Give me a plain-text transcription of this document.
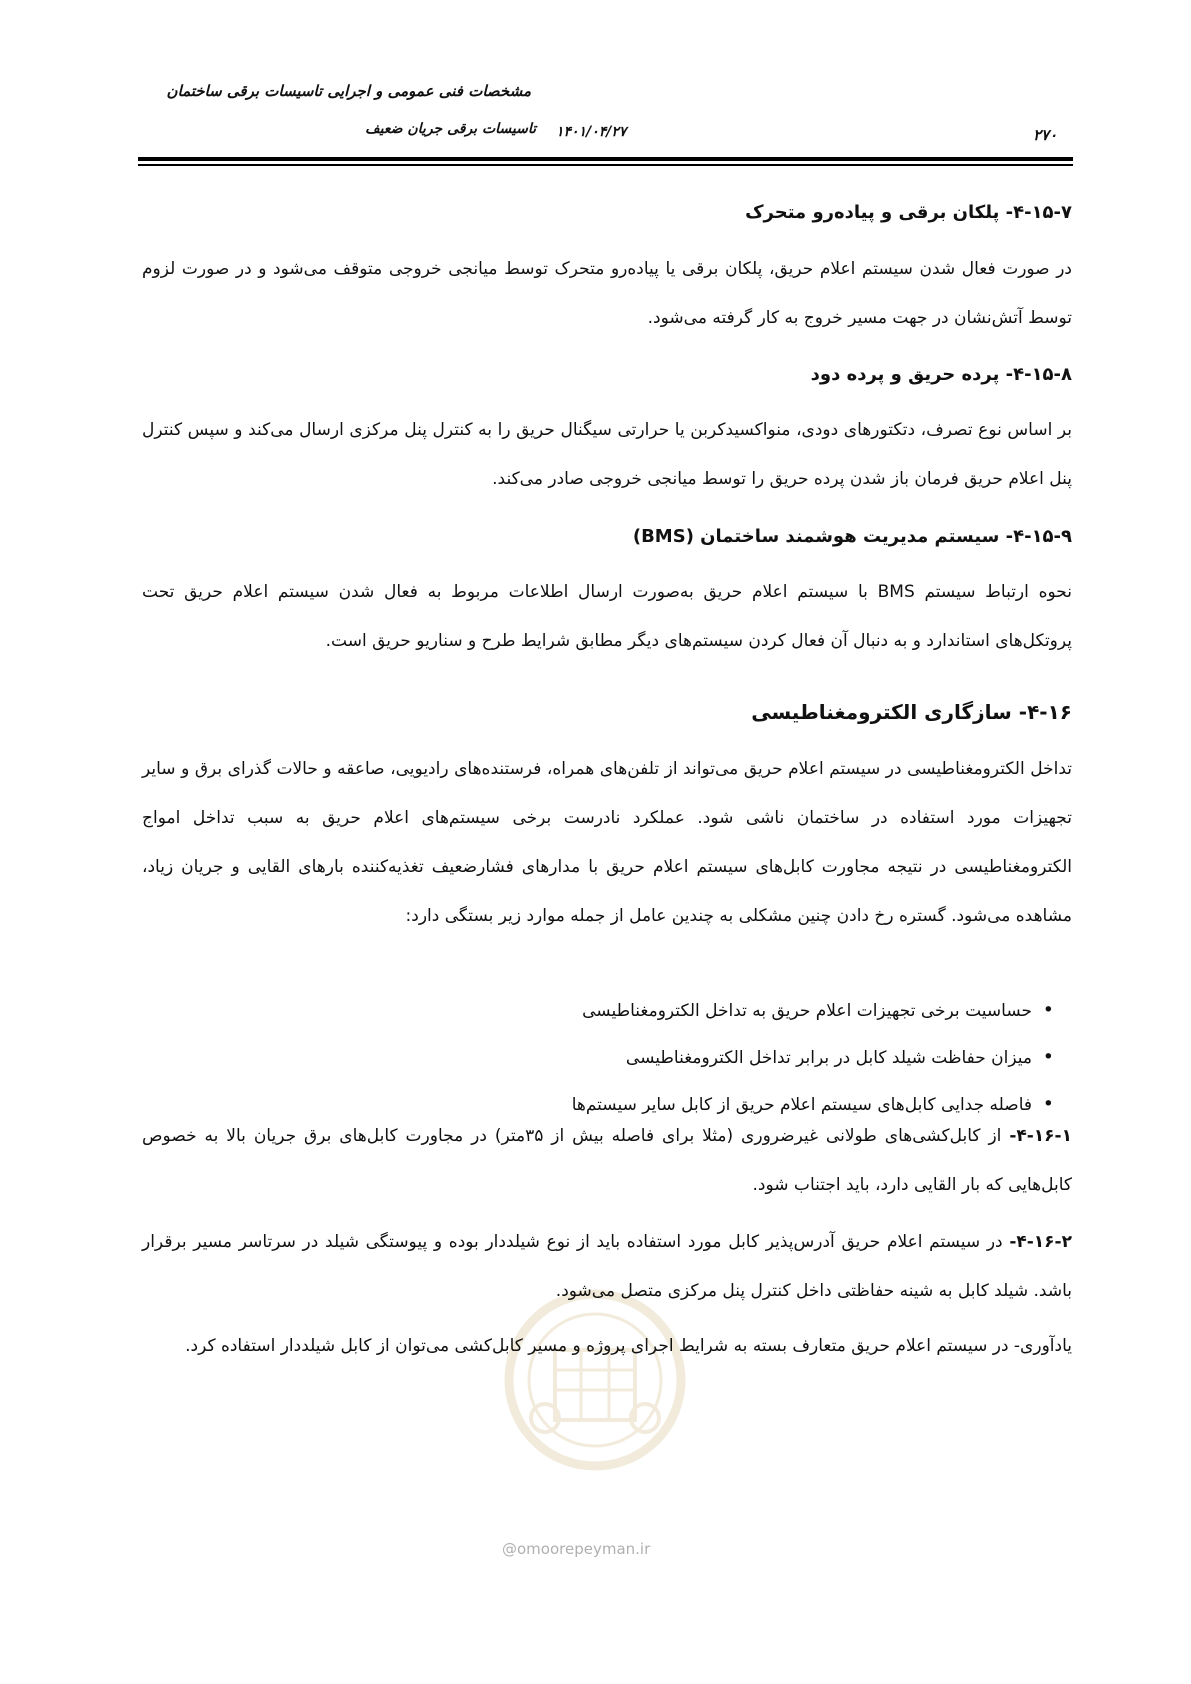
مشخصات فنی عمومی و اجرایی تاسیسات برقی ساختمان
تاسیسات برقی جریان ضعیف ۱۴۰۱/۰۴/۲۷	۲۷۰
@omoorepeyman.ir
۴-۱۵-۷- پلکان برقی و پیاده‌رو متحرک

در صورت فعال شدن سیستم اعلام حریق، پلکان برقی یا پیاده‌رو متحرک توسط میانجی خروجی متوقف می‌شود و در صورت لزوم توسط آتش‌نشان در جهت مسیر خروج به کار گرفته می‌شود.

۴-۱۵-۸- پرده حریق و پرده دود

بر اساس نوع تصرف، دتکتورهای دودی، منواکسیدکربن یا حرارتی سیگنال حریق را به کنترل پنل مرکزی ارسال می‌کند و سپس کنترل پنل اعلام حریق فرمان باز شدن پرده حریق را توسط میانجی خروجی صادر می‌کند.

۴-۱۵-۹- سیستم مدیریت هوشمند ساختمان (BMS)

نحوه ارتباط سیستم BMS با سیستم اعلام حریق به‌صورت ارسال اطلاعات مربوط به فعال شدن سیستم اعلام حریق تحت پروتکل‌های استاندارد و به دنبال آن فعال کردن سیستم‌های دیگر مطابق شرایط طرح و سناریو حریق است.

۴-۱۶- سازگاری الکترومغناطیسی

تداخل الکترومغناطیسی در سیستم اعلام حریق می‌تواند از تلفن‌های همراه، فرستنده‌های رادیویی، صاعقه و حالات گذرای برق و سایر تجهیزات مورد استفاده در ساختمان ناشی شود. عملکرد نادرست برخی سیستم‌های اعلام حریق به سبب تداخل امواج الکترومغناطیسی در نتیجه مجاورت کابل‌های سیستم اعلام حریق با مدارهای فشارضعیف تغذیه‌کننده بارهای القایی و جریان زیاد، مشاهده می‌شود. گستره رخ دادن چنین مشکلی به چندین عامل از جمله موارد زیر بستگی دارد:

• حساسیت برخی تجهیزات اعلام حریق به تداخل الکترومغناطیسی
• میزان حفاظت شیلد کابل در برابر تداخل الکترومغناطیسی
• فاصله جدایی کابل‌های سیستم اعلام حریق از کابل سایر سیستم‌ها

۴-۱۶-۱- از کابل‌کشی‌های طولانی غیرضروری (مثلا برای فاصله بیش از ۳۵متر) در مجاورت کابل‌های برق جریان بالا به خصوص کابل‌هایی که بار القایی دارد، باید اجتناب شود.

۴-۱۶-۲- در سیستم اعلام حریق آدرس‌پذیر کابل مورد استفاده باید از نوع شیلددار بوده و پیوستگی شیلد در سرتاسر مسیر برقرار باشد. شیلد کابل به شینه حفاظتی داخل کنترل پنل مرکزی متصل می‌شود.

یادآوری- در سیستم اعلام حریق متعارف بسته به شرایط اجرای پروژه و مسیر کابل‌کشی می‌توان از کابل شیلددار استفاده کرد.
